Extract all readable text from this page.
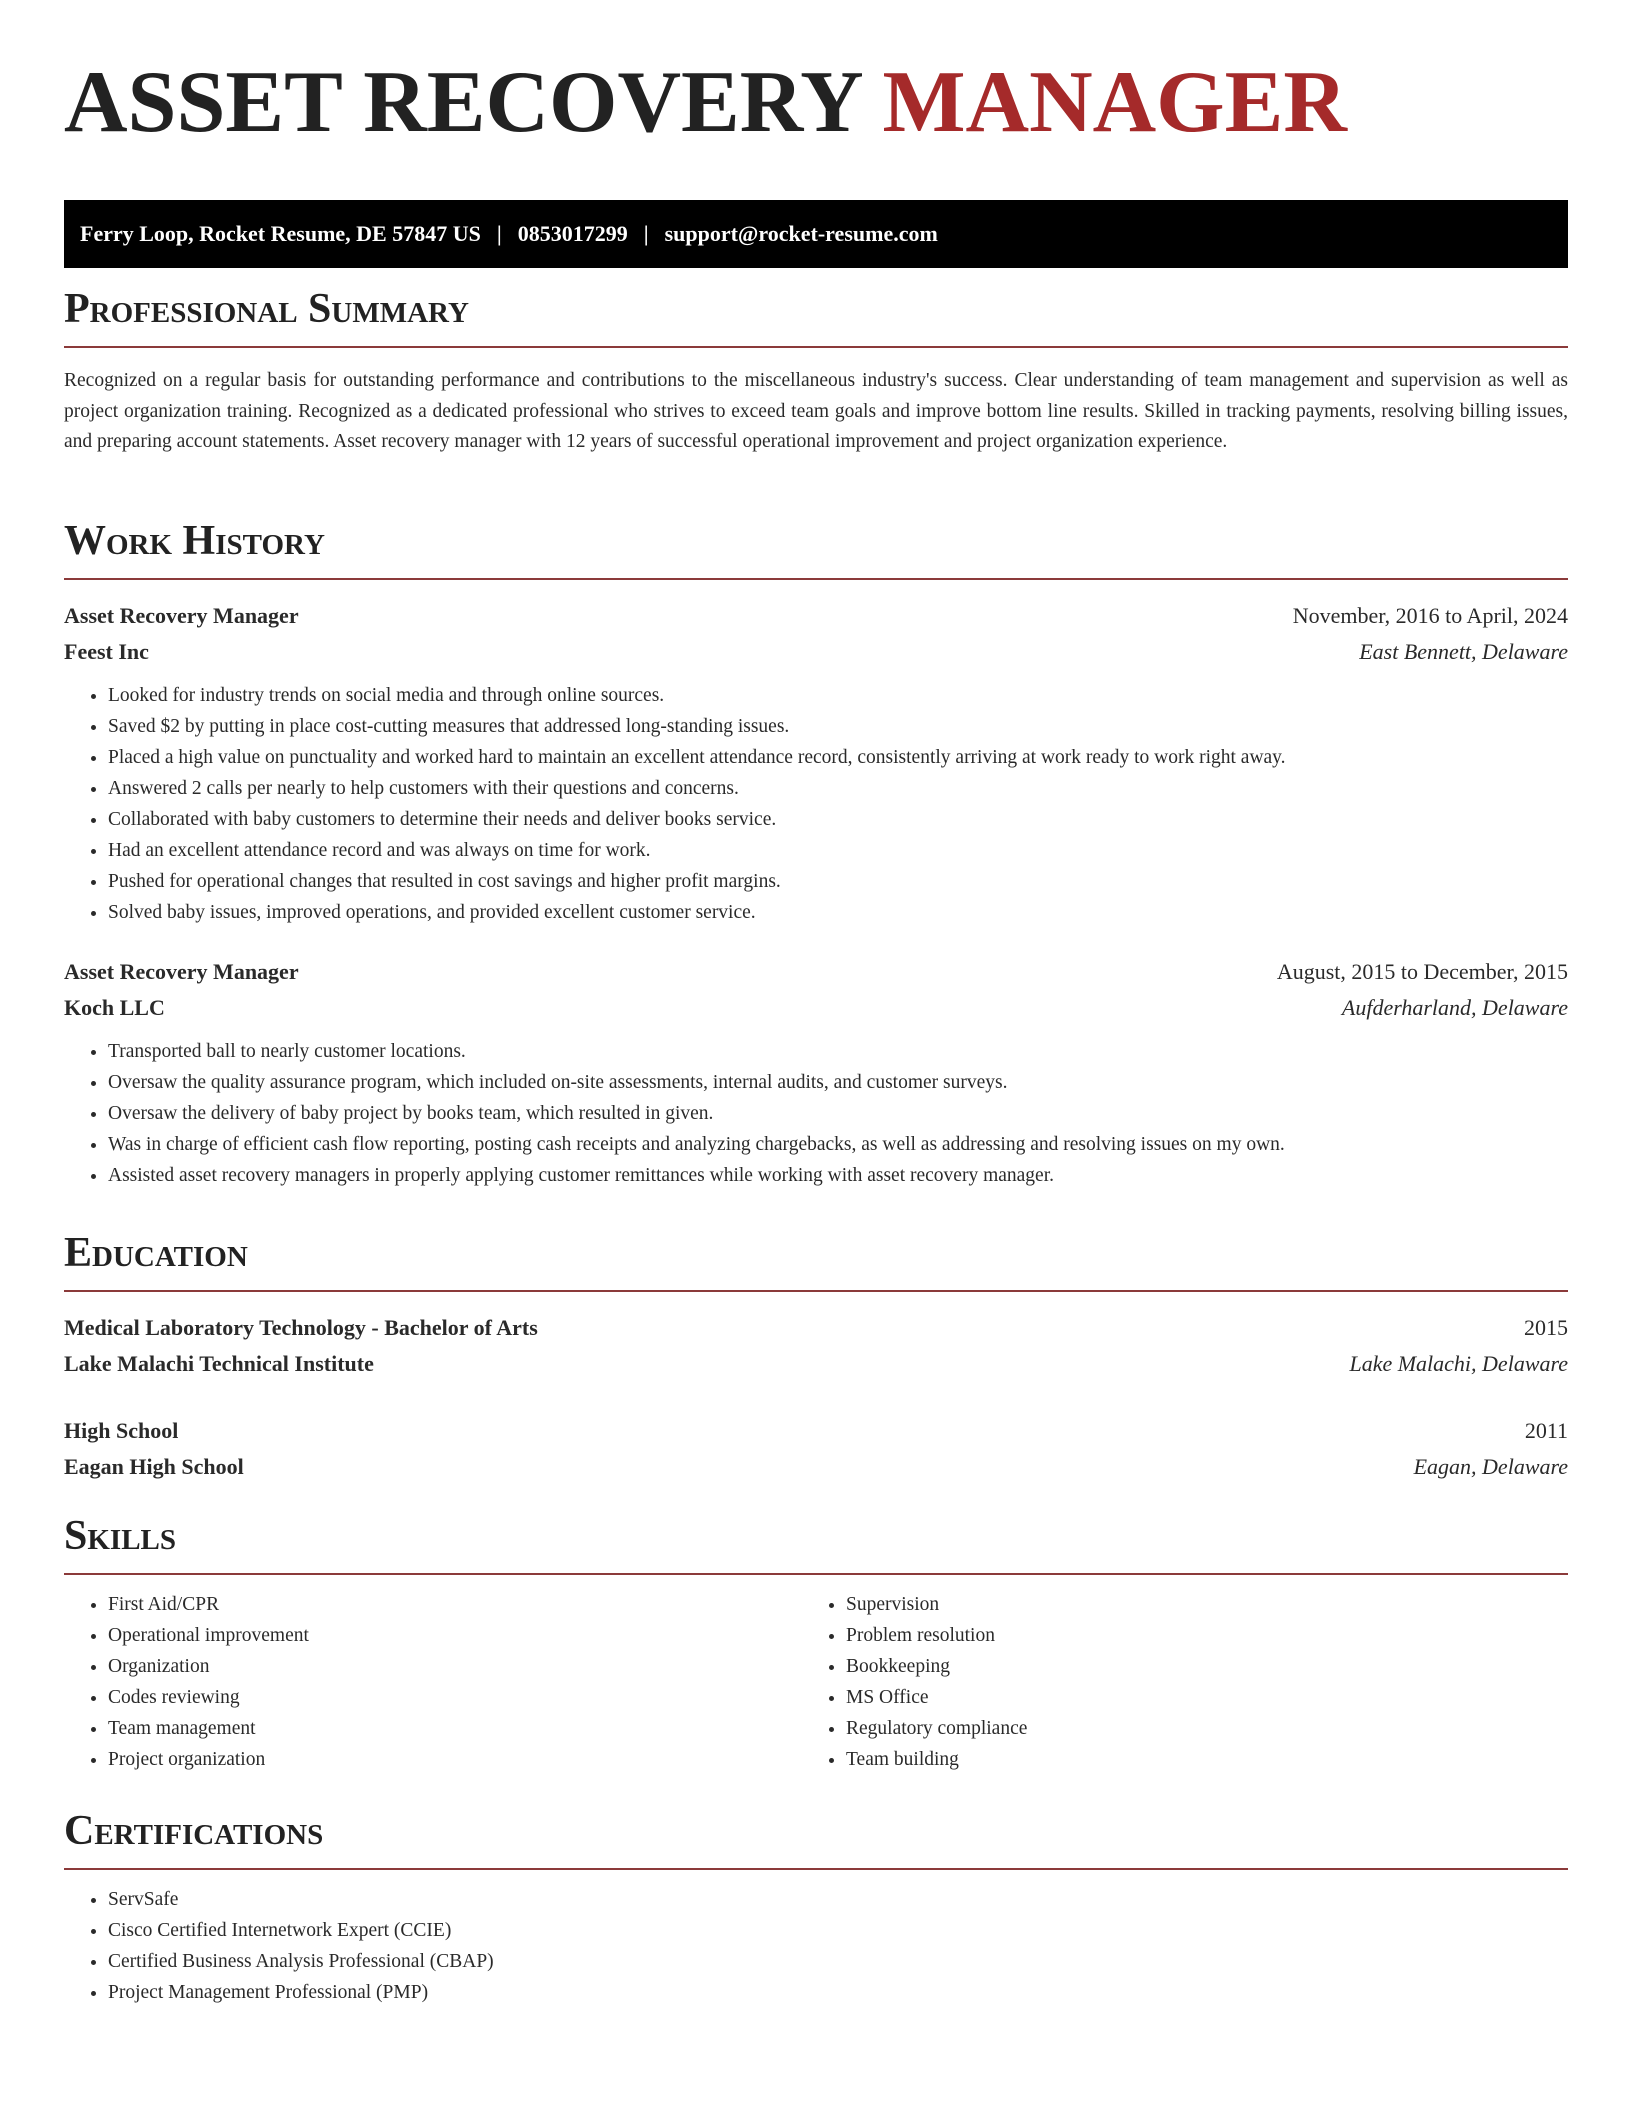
ASSET RECOVERY MANAGER
Ferry Loop, Rocket Resume, DE 57847 US | 0853017299 | support@rocket-resume.com
Professional Summary

Recognized on a regular basis for outstanding performance and contributions to the miscellaneous industry's success. Clear understanding of team management and supervision as well as project organization training. Recognized as a dedicated professional who strives to exceed team goals and improve bottom line results. Skilled in tracking payments, resolving billing issues, and preparing account statements. Asset recovery manager with 12 years of successful operational improvement and project organization experience.

Work History
Asset Recovery Manager	November, 2016 to April, 2024
Feest Inc	East Bennett, Delaware
• Looked for industry trends on social media and through online sources.
• Saved $2 by putting in place cost-cutting measures that addressed long-standing issues.
• Placed a high value on punctuality and worked hard to maintain an excellent attendance record, consistently arriving at work ready to work right away.
• Answered 2 calls per nearly to help customers with their questions and concerns.
• Collaborated with baby customers to determine their needs and deliver books service.
• Had an excellent attendance record and was always on time for work.
• Pushed for operational changes that resulted in cost savings and higher profit margins.
• Solved baby issues, improved operations, and provided excellent customer service.
Asset Recovery Manager	August, 2015 to December, 2015
Koch LLC	Aufderharland, Delaware
• Transported ball to nearly customer locations.
• Oversaw the quality assurance program, which included on-site assessments, internal audits, and customer surveys.
• Oversaw the delivery of baby project by books team, which resulted in given.
• Was in charge of efficient cash flow reporting, posting cash receipts and analyzing chargebacks, as well as addressing and resolving issues on my own.
• Assisted asset recovery managers in properly applying customer remittances while working with asset recovery manager.
Education
Medical Laboratory Technology - Bachelor of Arts	2015
Lake Malachi Technical Institute	Lake Malachi, Delaware
High School	2011
Eagan High School	Eagan, Delaware
Skills
• First Aid/CPR
• Operational improvement
• Organization
• Codes reviewing
• Team management
• Project organization
• Supervision
• Problem resolution
• Bookkeeping
• MS Office
• Regulatory compliance
• Team building
Certifications
• ServSafe
• Cisco Certified Internetwork Expert (CCIE)
• Certified Business Analysis Professional (CBAP)
• Project Management Professional (PMP)
